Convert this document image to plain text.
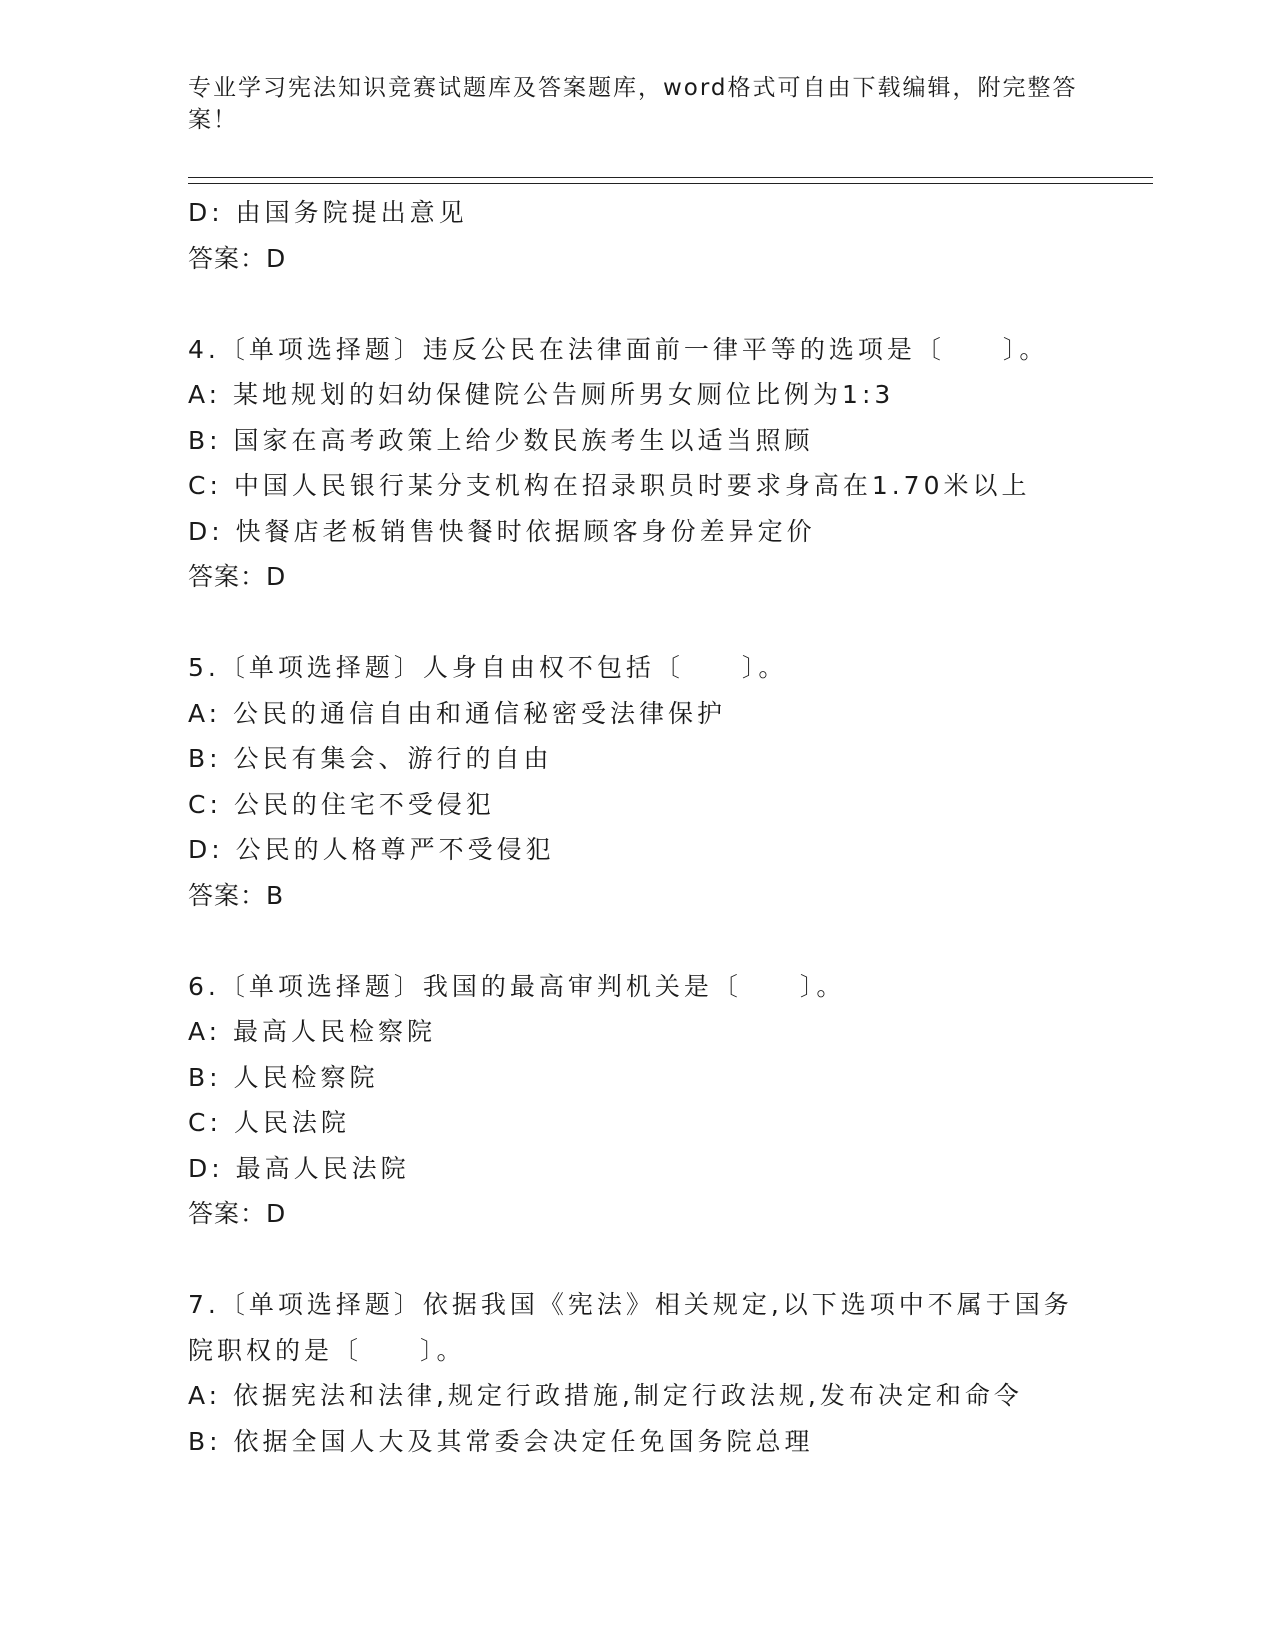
专业学习宪法知识竞赛试题库及答案题库，word格式可自由下载编辑，附完整答案！
D: 由国务院提出意见
答案：D
4.〔单项选择题〕违反公民在法律面前一律平等的选项是〔　　〕。
A: 某地规划的妇幼保健院公告厕所男女厕位比例为1:3
B: 国家在高考政策上给少数民族考生以适当照顾
C: 中国人民银行某分支机构在招录职员时要求身高在1.70米以上
D: 快餐店老板销售快餐时依据顾客身份差异定价
答案：D
5.〔单项选择题〕人身自由权不包括〔　　〕。
A: 公民的通信自由和通信秘密受法律保护
B: 公民有集会、游行的自由
C: 公民的住宅不受侵犯
D: 公民的人格尊严不受侵犯
答案：B
6.〔单项选择题〕我国的最高审判机关是〔　　〕。
A: 最高人民检察院
B: 人民检察院
C: 人民法院
D: 最高人民法院
答案：D
7.〔单项选择题〕依据我国《宪法》相关规定,以下选项中不属于国务院职权的是〔　　〕。
A: 依据宪法和法律,规定行政措施,制定行政法规,发布决定和命令
B: 依据全国人大及其常委会决定任免国务院总理
